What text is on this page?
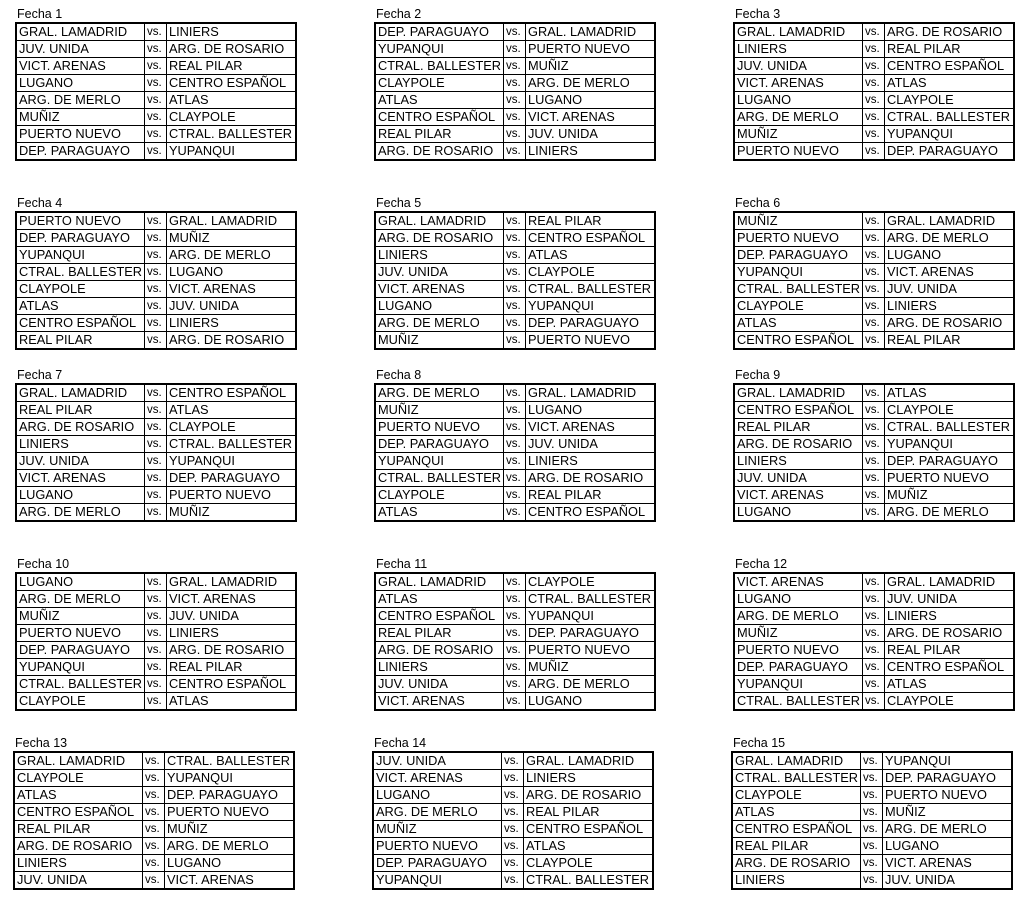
Fecha 1
GRAL. LAMADRID	vs.	LINIERS
JUV. UNIDA	vs.	ARG. DE ROSARIO
VICT. ARENAS	vs.	REAL PILAR
LUGANO	vs.	CENTRO ESPAÑOL
ARG. DE MERLO	vs.	ATLAS
MUÑIZ	vs.	CLAYPOLE
PUERTO NUEVO	vs.	CTRAL. BALLESTER
DEP. PARAGUAYO	vs.	YUPANQUI
Fecha 2
DEP. PARAGUAYO	vs.	GRAL. LAMADRID
YUPANQUI	vs.	PUERTO NUEVO
CTRAL. BALLESTER	vs.	MUÑIZ
CLAYPOLE	vs.	ARG. DE MERLO
ATLAS	vs.	LUGANO
CENTRO ESPAÑOL	vs.	VICT. ARENAS
REAL PILAR	vs.	JUV. UNIDA
ARG. DE ROSARIO	vs.	LINIERS
Fecha 3
GRAL. LAMADRID	vs.	ARG. DE ROSARIO
LINIERS	vs.	REAL PILAR
JUV. UNIDA	vs.	CENTRO ESPAÑOL
VICT. ARENAS	vs.	ATLAS
LUGANO	vs.	CLAYPOLE
ARG. DE MERLO	vs.	CTRAL. BALLESTER
MUÑIZ	vs.	YUPANQUI
PUERTO NUEVO	vs.	DEP. PARAGUAYO
Fecha 4
PUERTO NUEVO	vs.	GRAL. LAMADRID
DEP. PARAGUAYO	vs.	MUÑIZ
YUPANQUI	vs.	ARG. DE MERLO
CTRAL. BALLESTER	vs.	LUGANO
CLAYPOLE	vs.	VICT. ARENAS
ATLAS	vs.	JUV. UNIDA
CENTRO ESPAÑOL	vs.	LINIERS
REAL PILAR	vs.	ARG. DE ROSARIO
Fecha 5
GRAL. LAMADRID	vs.	REAL PILAR
ARG. DE ROSARIO	vs.	CENTRO ESPAÑOL
LINIERS	vs.	ATLAS
JUV. UNIDA	vs.	CLAYPOLE
VICT. ARENAS	vs.	CTRAL. BALLESTER
LUGANO	vs.	YUPANQUI
ARG. DE MERLO	vs.	DEP. PARAGUAYO
MUÑIZ	vs.	PUERTO NUEVO
Fecha 6
MUÑIZ	vs.	GRAL. LAMADRID
PUERTO NUEVO	vs.	ARG. DE MERLO
DEP. PARAGUAYO	vs.	LUGANO
YUPANQUI	vs.	VICT. ARENAS
CTRAL. BALLESTER	vs.	JUV. UNIDA
CLAYPOLE	vs.	LINIERS
ATLAS	vs.	ARG. DE ROSARIO
CENTRO ESPAÑOL	vs.	REAL PILAR
Fecha 7
GRAL. LAMADRID	vs.	CENTRO ESPAÑOL
REAL PILAR	vs.	ATLAS
ARG. DE ROSARIO	vs.	CLAYPOLE
LINIERS	vs.	CTRAL. BALLESTER
JUV. UNIDA	vs.	YUPANQUI
VICT. ARENAS	vs.	DEP. PARAGUAYO
LUGANO	vs.	PUERTO NUEVO
ARG. DE MERLO	vs.	MUÑIZ
Fecha 8
ARG. DE MERLO	vs.	GRAL. LAMADRID
MUÑIZ	vs.	LUGANO
PUERTO NUEVO	vs.	VICT. ARENAS
DEP. PARAGUAYO	vs.	JUV. UNIDA
YUPANQUI	vs.	LINIERS
CTRAL. BALLESTER	vs.	ARG. DE ROSARIO
CLAYPOLE	vs.	REAL PILAR
ATLAS	vs.	CENTRO ESPAÑOL
Fecha 9
GRAL. LAMADRID	vs.	ATLAS
CENTRO ESPAÑOL	vs.	CLAYPOLE
REAL PILAR	vs.	CTRAL. BALLESTER
ARG. DE ROSARIO	vs.	YUPANQUI
LINIERS	vs.	DEP. PARAGUAYO
JUV. UNIDA	vs.	PUERTO NUEVO
VICT. ARENAS	vs.	MUÑIZ
LUGANO	vs.	ARG. DE MERLO
Fecha 10
LUGANO	vs.	GRAL. LAMADRID
ARG. DE MERLO	vs.	VICT. ARENAS
MUÑIZ	vs.	JUV. UNIDA
PUERTO NUEVO	vs.	LINIERS
DEP. PARAGUAYO	vs.	ARG. DE ROSARIO
YUPANQUI	vs.	REAL PILAR
CTRAL. BALLESTER	vs.	CENTRO ESPAÑOL
CLAYPOLE	vs.	ATLAS
Fecha 11
GRAL. LAMADRID	vs.	CLAYPOLE
ATLAS	vs.	CTRAL. BALLESTER
CENTRO ESPAÑOL	vs.	YUPANQUI
REAL PILAR	vs.	DEP. PARAGUAYO
ARG. DE ROSARIO	vs.	PUERTO NUEVO
LINIERS	vs.	MUÑIZ
JUV. UNIDA	vs.	ARG. DE MERLO
VICT. ARENAS	vs.	LUGANO
Fecha 12
VICT. ARENAS	vs.	GRAL. LAMADRID
LUGANO	vs.	JUV. UNIDA
ARG. DE MERLO	vs.	LINIERS
MUÑIZ	vs.	ARG. DE ROSARIO
PUERTO NUEVO	vs.	REAL PILAR
DEP. PARAGUAYO	vs.	CENTRO ESPAÑOL
YUPANQUI	vs.	ATLAS
CTRAL. BALLESTER	vs.	CLAYPOLE
Fecha 13
GRAL. LAMADRID	vs.	CTRAL. BALLESTER
CLAYPOLE	vs.	YUPANQUI
ATLAS	vs.	DEP. PARAGUAYO
CENTRO ESPAÑOL	vs.	PUERTO NUEVO
REAL PILAR	vs.	MUÑIZ
ARG. DE ROSARIO	vs.	ARG. DE MERLO
LINIERS	vs.	LUGANO
JUV. UNIDA	vs.	VICT. ARENAS
Fecha 14
JUV. UNIDA	vs.	GRAL. LAMADRID
VICT. ARENAS	vs.	LINIERS
LUGANO	vs.	ARG. DE ROSARIO
ARG. DE MERLO	vs.	REAL PILAR
MUÑIZ	vs.	CENTRO ESPAÑOL
PUERTO NUEVO	vs.	ATLAS
DEP. PARAGUAYO	vs.	CLAYPOLE
YUPANQUI	vs.	CTRAL. BALLESTER
Fecha 15
GRAL. LAMADRID	vs.	YUPANQUI
CTRAL. BALLESTER	vs.	DEP. PARAGUAYO
CLAYPOLE	vs.	PUERTO NUEVO
ATLAS	vs.	MUÑIZ
CENTRO ESPAÑOL	vs.	ARG. DE MERLO
REAL PILAR	vs.	LUGANO
ARG. DE ROSARIO	vs.	VICT. ARENAS
LINIERS	vs.	JUV. UNIDA
